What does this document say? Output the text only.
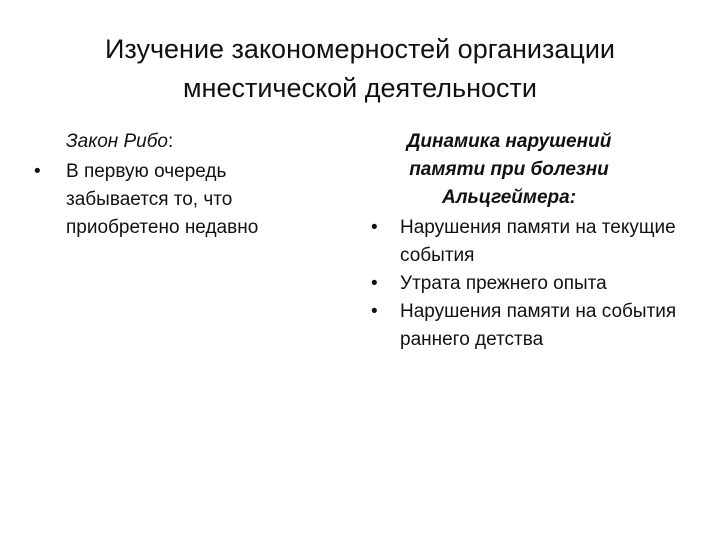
Изучение закономерностей организации мнестической деятельности
Закон Рибо:
• В первую очередь забывается то, что приобретено недавно
Динамика нарушений памяти при болезни Альцгеймера:
• Нарушения памяти на текущие события
• Утрата прежнего опыта
• Нарушения памяти на события раннего детства
